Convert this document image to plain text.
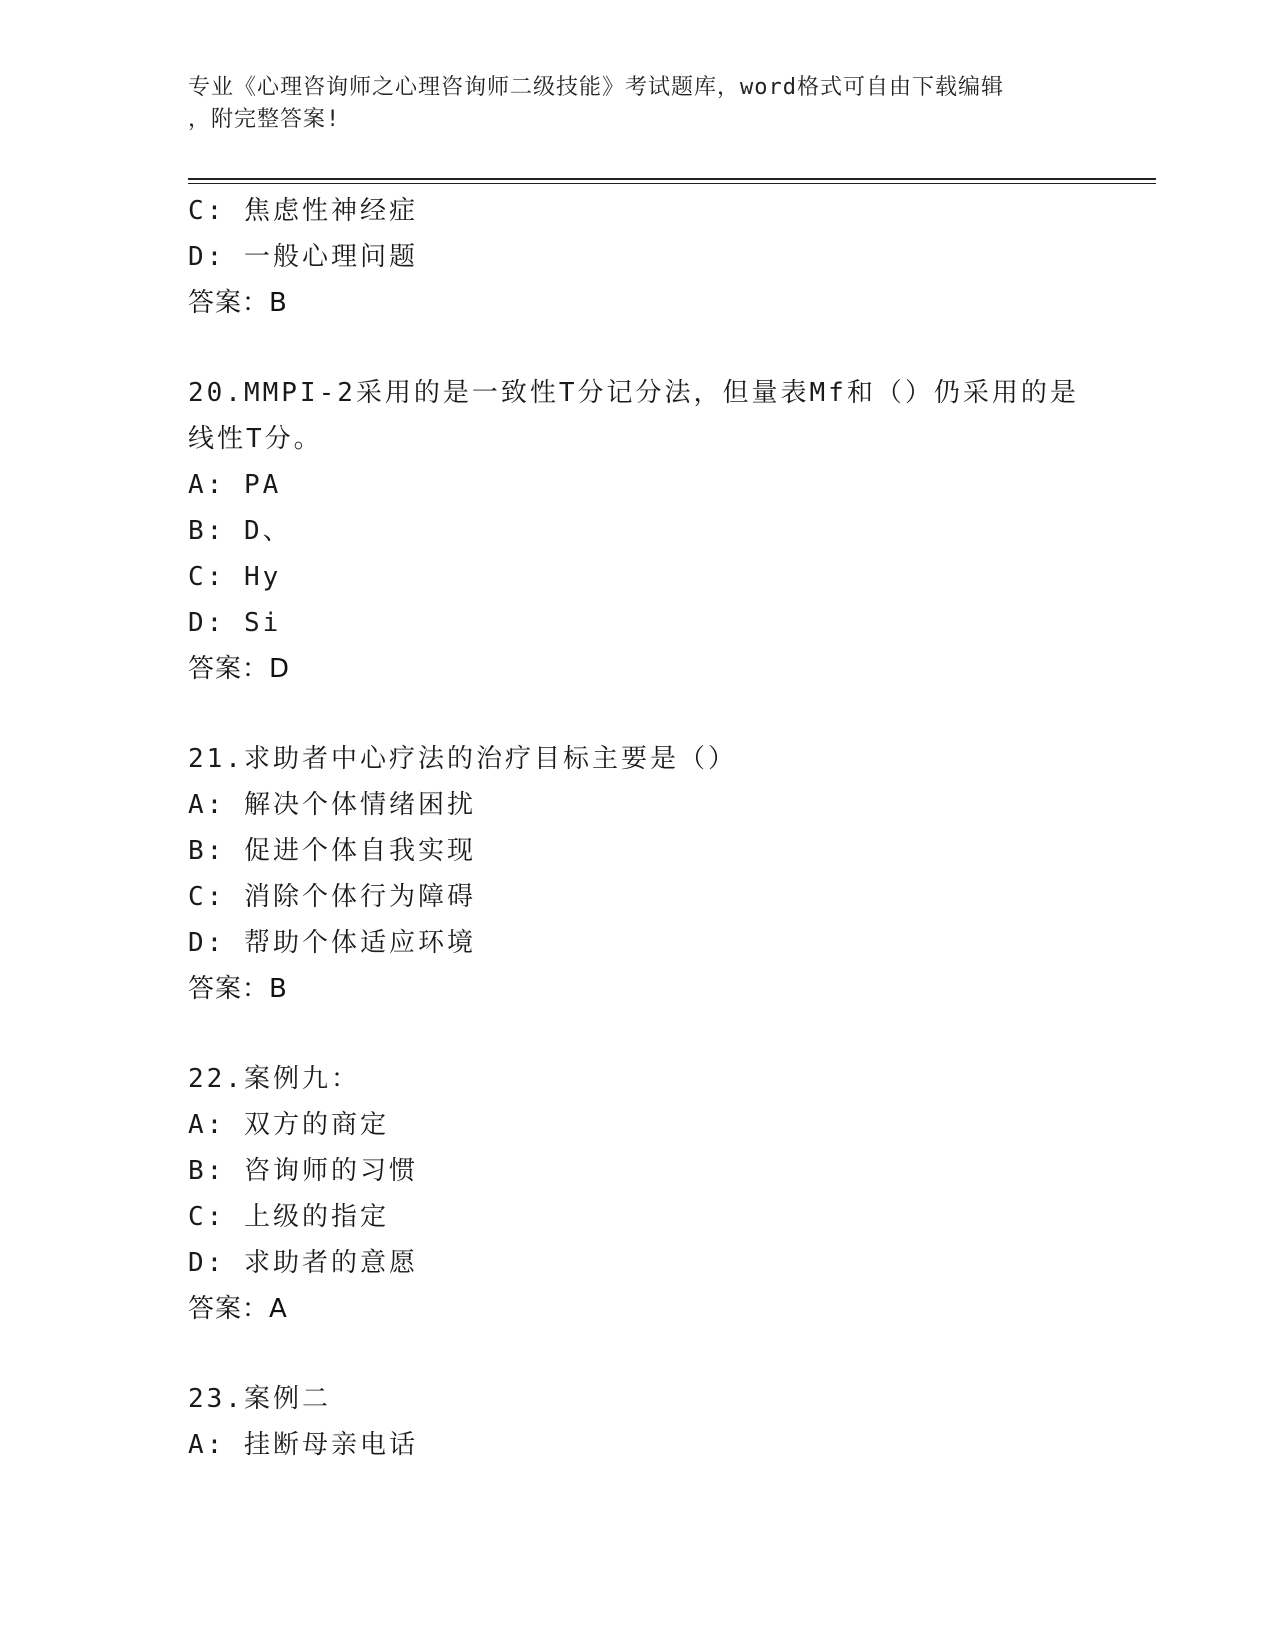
专业《心理咨询师之心理咨询师二级技能》考试题库，word格式可自由下载编辑
，附完整答案!
C: 焦虑性神经症
D: 一般心理问题
答案：B
20.MMPI-2采用的是一致性T分记分法，但量表Mf和（）仍采用的是
线性T分。
A: PA
B: D、
C: Hy
D: Si
答案：D
21.求助者中心疗法的治疗目标主要是（）
A: 解决个体情绪困扰
B: 促进个体自我实现
C: 消除个体行为障碍
D: 帮助个体适应环境
答案：B
22.案例九：
A: 双方的商定
B: 咨询师的习惯
C: 上级的指定
D: 求助者的意愿
答案：A
23.案例二
A: 挂断母亲电话
